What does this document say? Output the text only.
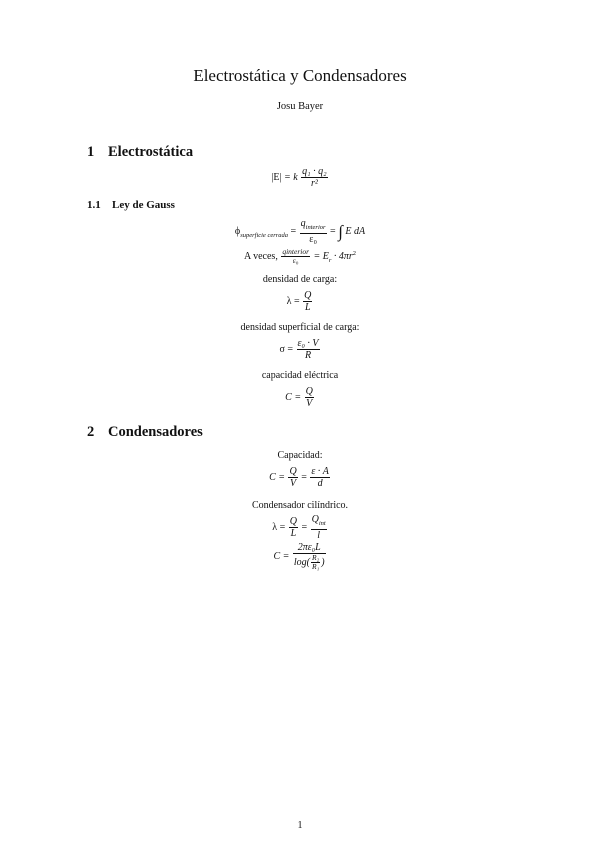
Electrostática y Condensadores
Josu Bayer
1 Electrostática
|E| = k $\frac{\text{q₁ · q₂}}{\text{r²}}$
1.1 Ley de Gauss
$\phi_{superficie cerrada} = \frac{q_{interior}}{\text{ε₀}}$ = ∫ E dA
A veces, $\frac{\text{qinterior}}{\text{ε₀}} = E_r \cdot 4\pi r^2$
densidad de carga:
$\lambda = \frac{Q}{L}$
densidad superficial de carga:
$\sigma = \frac{\text{ε₀ · V}}{R}$
capacidad eléctrica
$C = \frac{Q}{V}$
2 Condensadores
Capacidad:
$C = \frac{Q}{V} = \frac{\varepsilon \cdot A}{d}$
Condensador cilíndrico.
$\lambda = \frac{Q}{L} = \frac{Q_{int}}{l}$
$C = \frac{\text{2πε₀L}}{\log( \frac{\text{R₂}}{\text{R₁}} )}$
1
